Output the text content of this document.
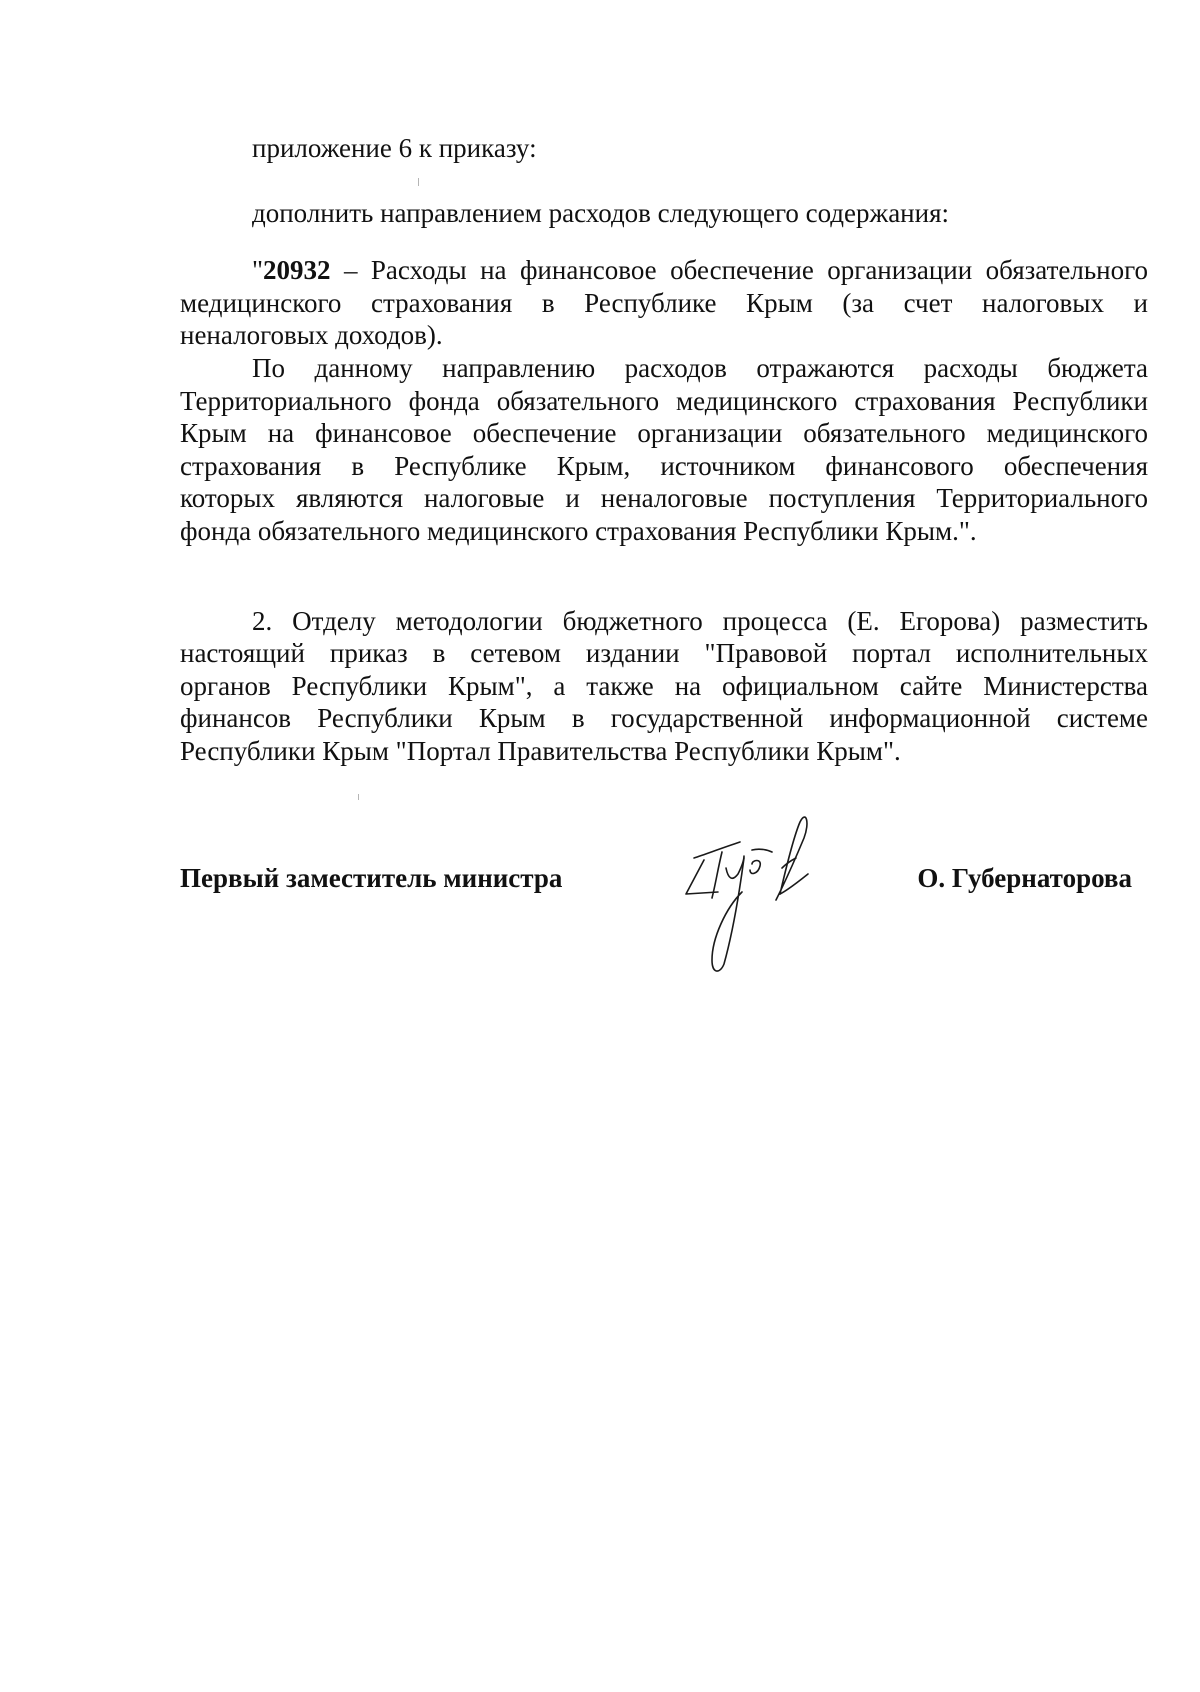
приложение 6 к приказу:
дополнить направлением расходов следующего содержания:
"20932 – Расходы на финансовое обеспечение организации обязательного
медицинского страхования в Республике Крым (за счет налоговых и
неналоговых доходов).
По данному направлению расходов отражаются расходы бюджета
Территориального фонда обязательного медицинского страхования Республики
Крым на финансовое обеспечение организации обязательного медицинского
страхования в Республике Крым, источником финансового обеспечения
которых являются налоговые и неналоговые поступления Территориального
фонда обязательного медицинского страхования Республики Крым.".
2. Отделу методологии бюджетного процесса (Е. Егорова) разместить
настоящий приказ в сетевом издании "Правовой портал исполнительных
органов Республики Крым", а также на официальном сайте Министерства
финансов Республики Крым в государственной информационной системе
Республики Крым "Портал Правительства Республики Крым".
Первый заместитель министра	О. Губернаторова
